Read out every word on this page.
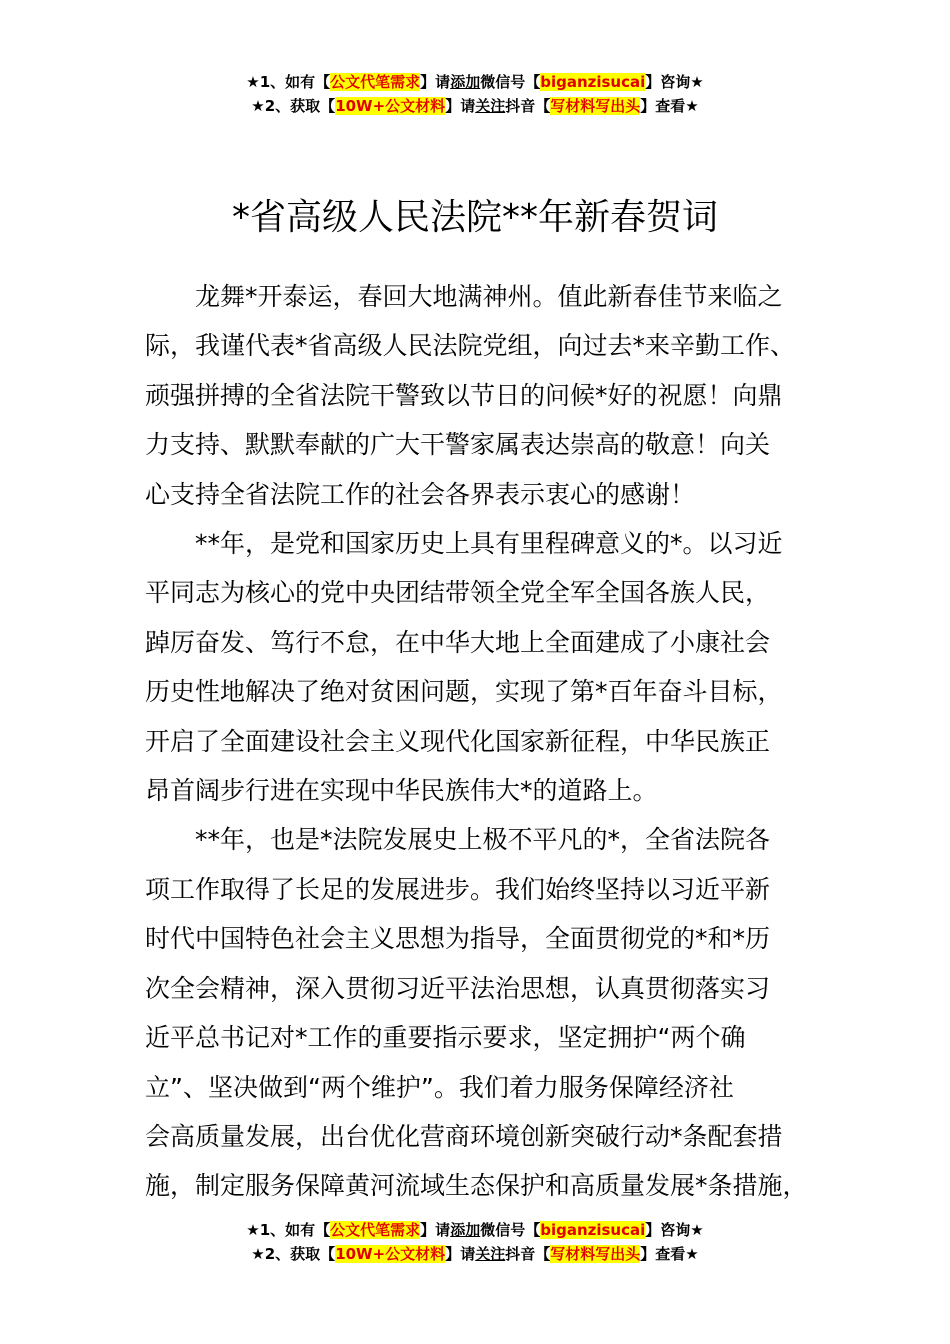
★1、如有【公文代笔需求】请添加微信号【biganzisucai】咨询★
★2、获取【10W+公文材料】请关注抖音【写材料写出头】查看★
*省高级人民法院**年新春贺词

龙舞*开泰运，春回大地满神州。值此新春佳节来临之
际，我谨代表*省高级人民法院党组，向过去*来辛勤工作、
顽强拼搏的全省法院干警致以节日的问候*好的祝愿！向鼎
力支持、默默奉献的广大干警家属表达崇高的敬意！向关
心支持全省法院工作的社会各界表示衷心的感谢！

**年，是党和国家历史上具有里程碑意义的*。以习近
平同志为核心的党中央团结带领全党全军全国各族人民，
踔厉奋发、笃行不怠，在中华大地上全面建成了小康社会
历史性地解决了绝对贫困问题，实现了第*百年奋斗目标，
开启了全面建设社会主义现代化国家新征程，中华民族正
昂首阔步行进在实现中华民族伟大*的道路上。

**年，也是*法院发展史上极不平凡的*，全省法院各
项工作取得了长足的发展进步。我们始终坚持以习近平新
时代中国特色社会主义思想为指导，全面贯彻党的*和*历
次全会精神，深入贯彻习近平法治思想，认真贯彻落实习
近平总书记对*工作的重要指示要求，坚定拥护“两个确
立”、坚决做到“两个维护”。我们着力服务保障经济社
会高质量发展，出台优化营商环境创新突破行动*条配套措
施，制定服务保障黄河流域生态保护和高质量发展*条措施，

★1、如有【公文代笔需求】请添加微信号【biganzisucai】咨询★
★2、获取【10W+公文材料】请关注抖音【写材料写出头】查看★
